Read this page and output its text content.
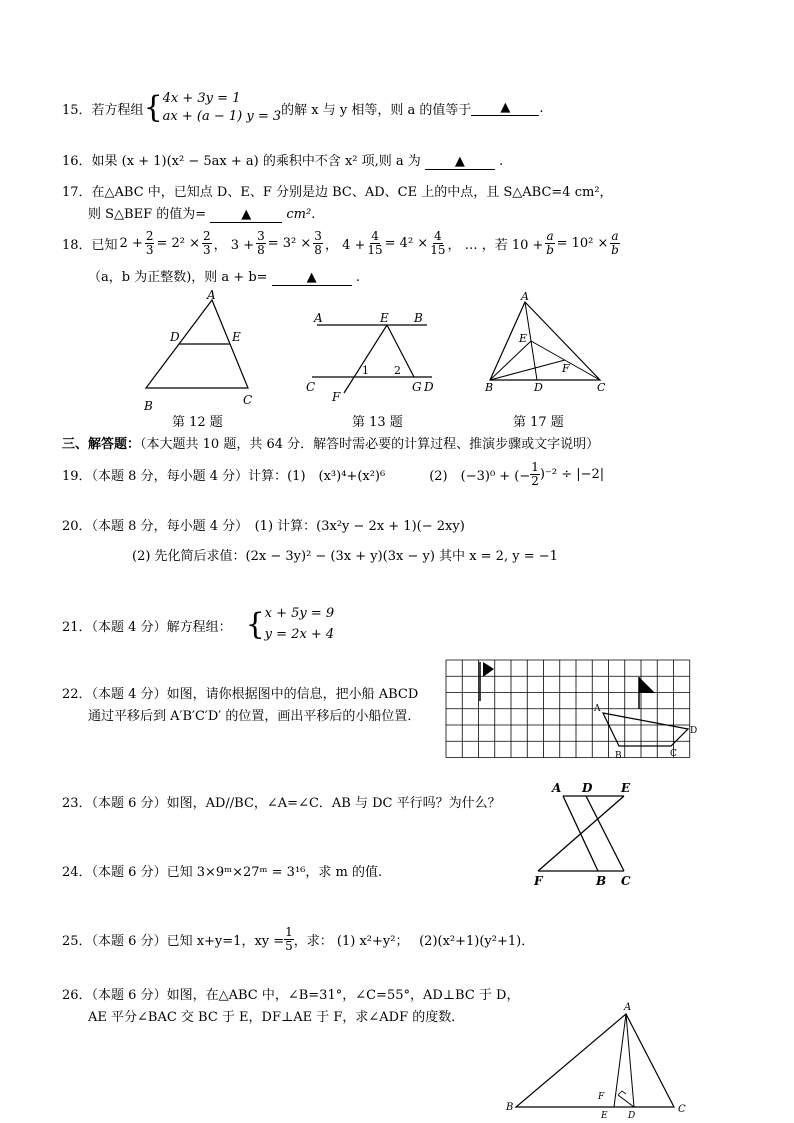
15． 若方程组 { 4x + 3y = 1
ax + (a − 1) y = 3 的解 x 与 y 相等，则 a 的值等于	▲	.
16．如果 (x + 1)(x² − 5ax + a) 的乘积中不含 x² 项,则 a 为	▲	.
17．在△ABC 中，已知点 D、E、F 分别是边 BC、AD、CE 上的中点，且 S△ABC=4 cm²，
则 S△BEF 的值为=	▲	cm².
18．已知 $2 + \frac{2}{3} = 2^2 \times \frac{2}{3}$ ， $3 + \frac{3}{8} = 3^2 \times \frac{3}{8}$ ， $4 + \frac{4}{15} = 4^2 \times \frac{4}{15}$ ， … ，若 $10 + \frac{a}{b} = 10^2 \times \frac{a}{b}$
（a，b 为正整数)，则 a + b=	▲	.
A
D	E
B	C
第 12 题
A	E B
1 2
C	G D
F
第 13 题
A
E
F
B	D	C
第 17 题
三、解答题：（本大题共 10 题，共 64 分．解答时需必要的计算过程、推演步骤或文字说明）
19．（本题 8 分，每小题 4 分）计算：(1)　(x³)⁴+(x²)⁶	(2)　(−3)⁰ + (− $\frac{1}{2} )^{-2} \div |-2|$
20．（本题 8 分，每小题 4 分）　(1) 计算：(3x²y − 2x + 1)(− 2xy)
(2) 先化简后求值：(2x − 3y)² − (3x + y)(3x − y) 其中 x = 2, y = −1
21．（本题 4 分）解方程组： { x + 5y = 9
y = 2x + 4
22．（本题 4 分）如图，请你根据图中的信息，把小船 ABCD
通过平移后到 A′B′C′D′ 的位置，画出平移后的小船位置．	A
D
B	C
23．（本题 6 分）如图，AD//BC，∠A=∠C．AB 与 DC 平行吗？为什么？
A D E
F	B C
24．（本题 6 分）已知 3×9ᵐ×27ᵐ = 3¹⁶，求 m 的值.
25．（本题 6 分）已知 x+y=1，xy = $\frac{1}{5}$ ，求： (1) x²+y²；　 (2)(x²+1)(y²+1)．
26．（本题 6 分）如图，在△ABC 中，∠B=31°，∠C=55°，AD⊥BC 于 D，
AE 平分∠BAC 交 BC 于 E，DF⊥AE 于 F，求∠ADF 的度数．
A
B	C
F
E D
